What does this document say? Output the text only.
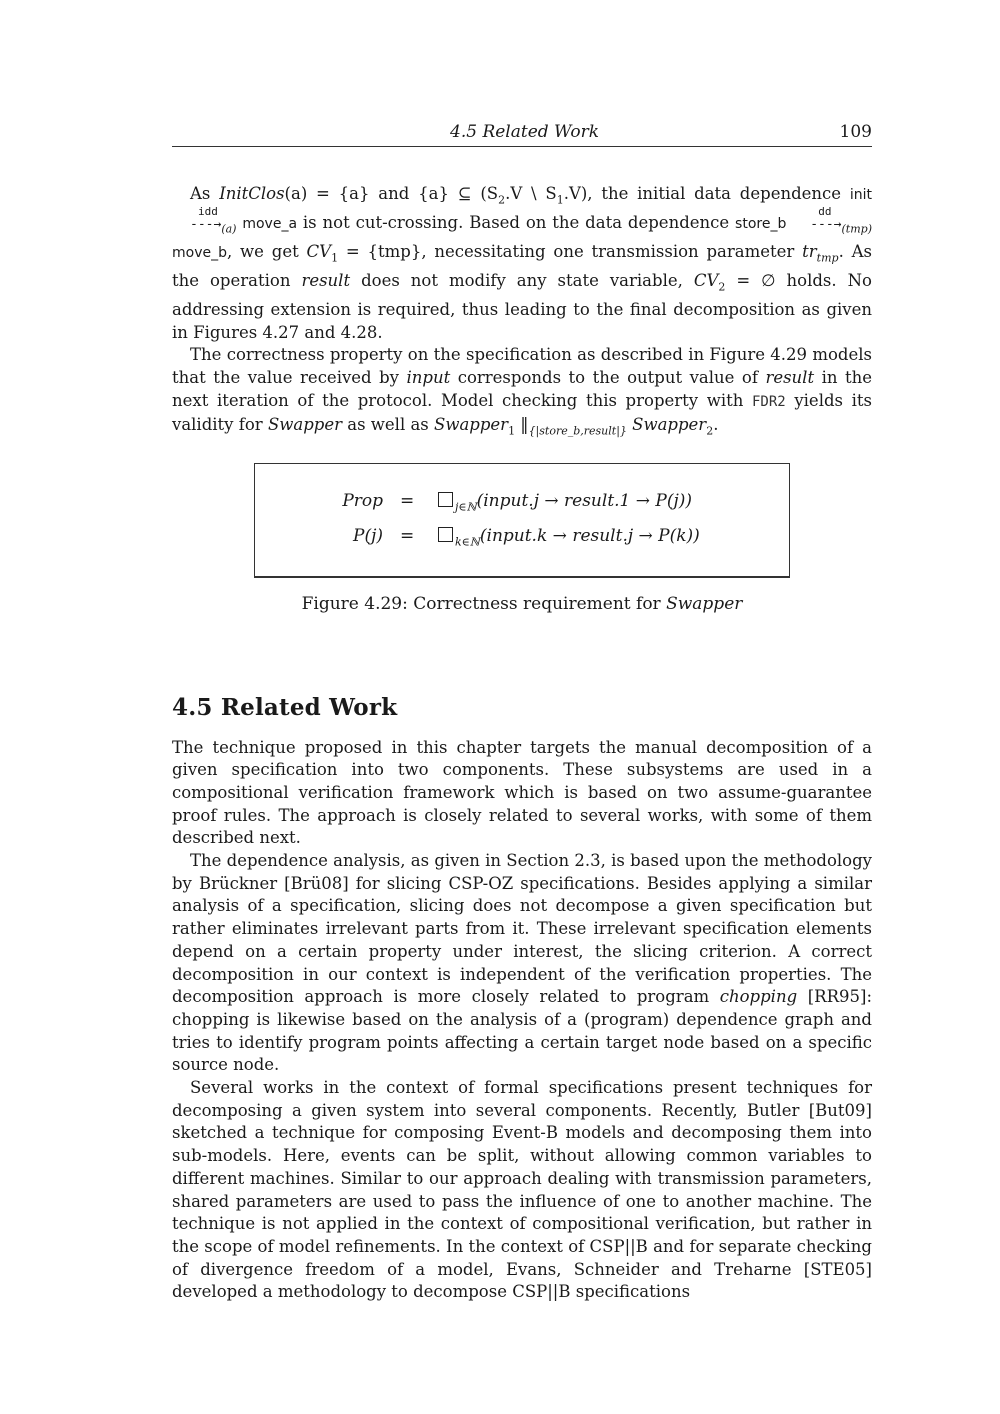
4.5 Related Work	109

As InitClos(a) = {a} and {a} ⊆ ($S_2.V$ \ $S_1.V$), the initial data dependence init
idd
$---\to_{(a)}$ move_a is not cut-crossing. Based on the data dependence store_b
dd
$---\to_{(tmp)}$ move_b, we get $CV_1 = \{tmp\}$, necessitating one transmission parameter $tr_{tmp}$. As the operation result does not modify any state variable, $CV_2$ = ∅ holds. No addressing extension is required, thus leading to the final decomposition as given in Figures 4.27 and 4.28.

The correctness property on the specification as described in Figure 4.29 models that the value received by input corresponds to the output value of result in the next iteration of the protocol. Model checking this property with FDR2 yields its validity for Swapper as well as Swapper$_1$ $‖_{\{|store\_b,result|\}}$ Swapper$_2$.

Prop =	$_{j\in ℕ}$(input.j → result.1 → P(j))
P(j) =	$_{k\in ℕ}$(input.k → result.j → P(k))
Figure 4.29: Correctness requirement for Swapper
4.5 Related Work

The technique proposed in this chapter targets the manual decomposition of a given specification into two components. These subsystems are used in a compositional verification framework which is based on two assume-guarantee proof rules. The approach is closely related to several works, with some of them described next.

The dependence analysis, as given in Section 2.3, is based upon the methodology by Brückner [Brü08] for slicing CSP-OZ specifications. Besides applying a similar analysis of a specification, slicing does not decompose a given specification but rather eliminates irrelevant parts from it. These irrelevant specification elements depend on a certain property under interest, the slicing criterion. A correct decomposition in our context is independent of the verification properties. The decomposition approach is more closely related to program chopping [RR95]: chopping is likewise based on the analysis of a (program) dependence graph and tries to identify program points affecting a certain target node based on a specific source node.

Several works in the context of formal specifications present techniques for decomposing a given system into several components. Recently, Butler [But09] sketched a technique for composing Event-B models and decomposing them into sub-models. Here, events can be split, without allowing common variables to different machines. Similar to our approach dealing with transmission parameters, shared parameters are used to pass the influence of one to another machine. The technique is not applied in the context of compositional verification, but rather in the scope of model refinements. In the context of CSP||B and for separate checking of divergence freedom of a model, Evans, Schneider and Treharne [STE05] developed a methodology to decompose CSP||B specifications
